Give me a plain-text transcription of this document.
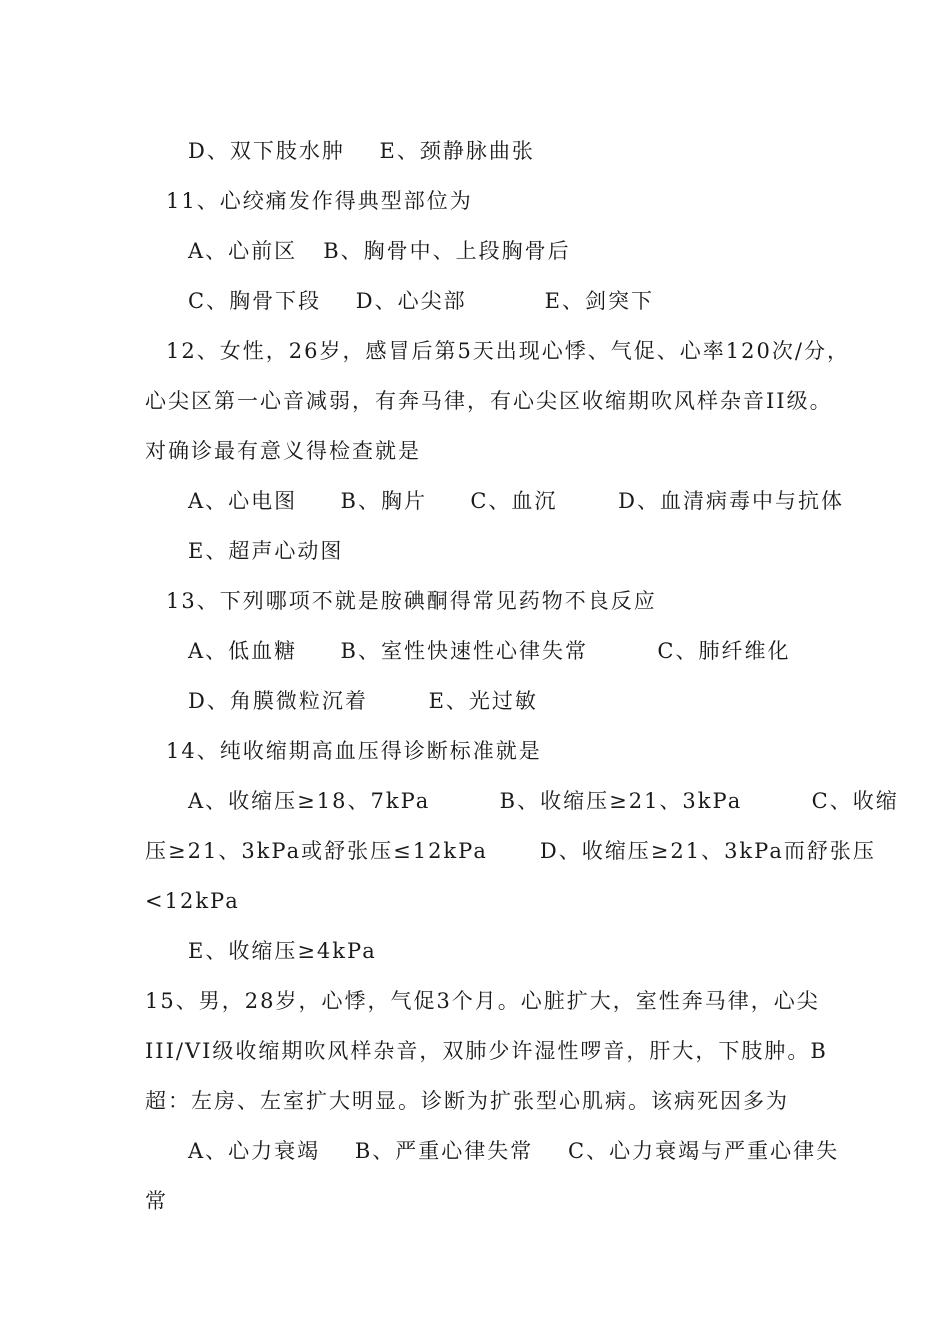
D、双下肢水肿    E、颈静脉曲张
11、心绞痛发作得典型部位为
A、心前区   B、胸骨中、上段胸骨后
C、胸骨下段    D、心尖部         E、剑突下
12、女性，26岁，感冒后第5天出现心悸、气促、心率120次/分，
心尖区第一心音减弱，有奔马律，有心尖区收缩期吹风样杂音II级。
对确诊最有意义得检查就是
A、心电图     B、胸片     C、血沉       D、血清病毒中与抗体
E、超声心动图
13、下列哪项不就是胺碘酮得常见药物不良反应
A、低血糖     B、室性快速性心律失常        C、肺纤维化
D、角膜微粒沉着       E、光过敏
14、纯收缩期高血压得诊断标准就是
A、收缩压≥18、7kPa        B、收缩压≥21、3kPa        C、收缩
压≥21、3kPa或舒张压≤12kPa      D、收缩压≥21、3kPa而舒张压
<12kPa
E、收缩压≥4kPa
15、男，28岁，心悸，气促3个月。心脏扩大，室性奔马律，心尖
III/VI级收缩期吹风样杂音，双肺少许湿性啰音，肝大，下肢肿。B
超：左房、左室扩大明显。诊断为扩张型心肌病。该病死因多为
A、心力衰竭    B、严重心律失常    C、心力衰竭与严重心律失
常
